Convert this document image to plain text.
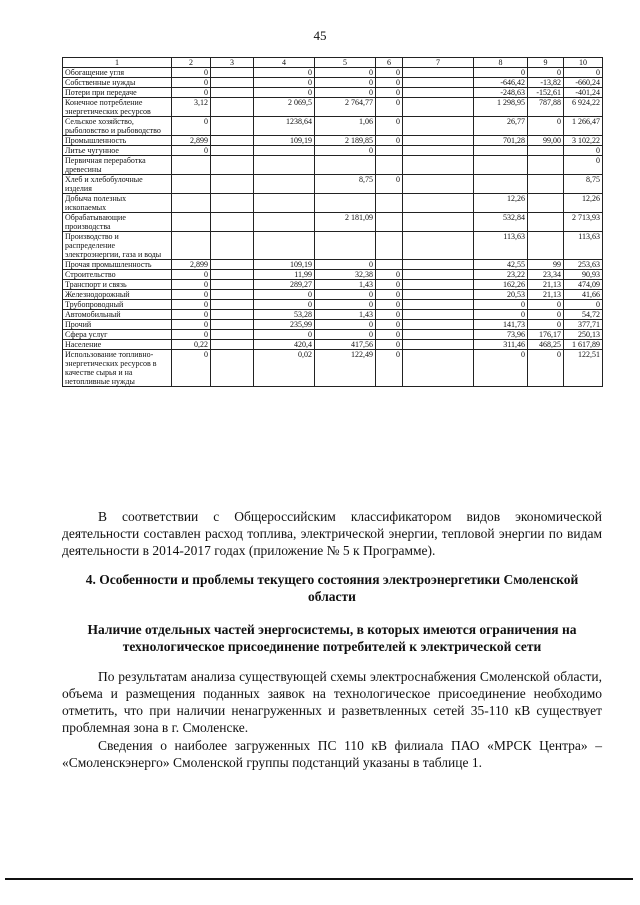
45
1	2	3	4	5	6	7	8	9	10
Обогащение угля	0		0	0	0		0	0	0
Собственные нужды	0		0	0	0		-646,42	-13,82	-660,24
Потери при передаче	0		0	0	0		-248,63	-152,61	-401,24
Конечное потребление энергетических ресурсов	3,12		2 069,5	2 764,77	0		1 298,95	787,88	6 924,22
Сельское хозяйство, рыболовство и рыбоводство	0		1238,64	1,06	0		26,77	0	1 266,47
Промышленность	2,899		109,19	2 189,85	0		701,28	99,00	3 102,22
Литье чугунное	0			0					0
Первичная переработка древесины									0
Хлеб и хлебобулочные изделия				8,75	0				8,75
Добыча полезных ископаемых							12,26		12,26
Обрабатывающие производства				2 181,09			532,84		2 713,93
Производство и распределение электроэнергии, газа и воды							113,63		113,63
Прочая промышленность	2,899		109,19	0			42,55	99	253,63
Строительство	0		11,99	32,38	0		23,22	23,34	90,93
Транспорт и связь	0		289,27	1,43	0		162,26	21,13	474,09
Железнодорожный	0		0	0	0		20,53	21,13	41,66
Трубопроводный	0		0	0	0		0	0	0
Автомобильный	0		53,28	1,43	0		0	0	54,72
Прочий	0		235,99	0	0		141,73	0	377,71
Сфера услуг	0		0	0	0		73,96	176,17	250,13
Население	0,22		420,4	417,56	0		311,46	468,25	1 617,89
Использование топливно-энергетических ресурсов в качестве сырья и на нетопливные нужды	0		0,02	122,49	0		0	0	122,51
В соответствии с Общероссийским классификатором видов экономической деятельности составлен расход топлива, электрической энергии, тепловой энергии по видам деятельности в 2014-2017 годах (приложение № 5 к Программе).
4. Особенности и проблемы текущего состояния электроэнергетики Смоленской области
Наличие отдельных частей энергосистемы, в которых имеются ограничения на технологическое присоединение потребителей к электрической сети
По результатам анализа существующей схемы электроснабжения Смоленской области, объема и размещения поданных заявок на технологическое присоединение необходимо отметить, что при наличии ненагруженных и разветвленных сетей 35-110 кВ существует проблемная зона в г. Смоленске.
Сведения о наиболее загруженных ПС 110 кВ филиала ПАО «МРСК Центра» – «Смоленскэнерго» Смоленской группы подстанций указаны в таблице 1.
